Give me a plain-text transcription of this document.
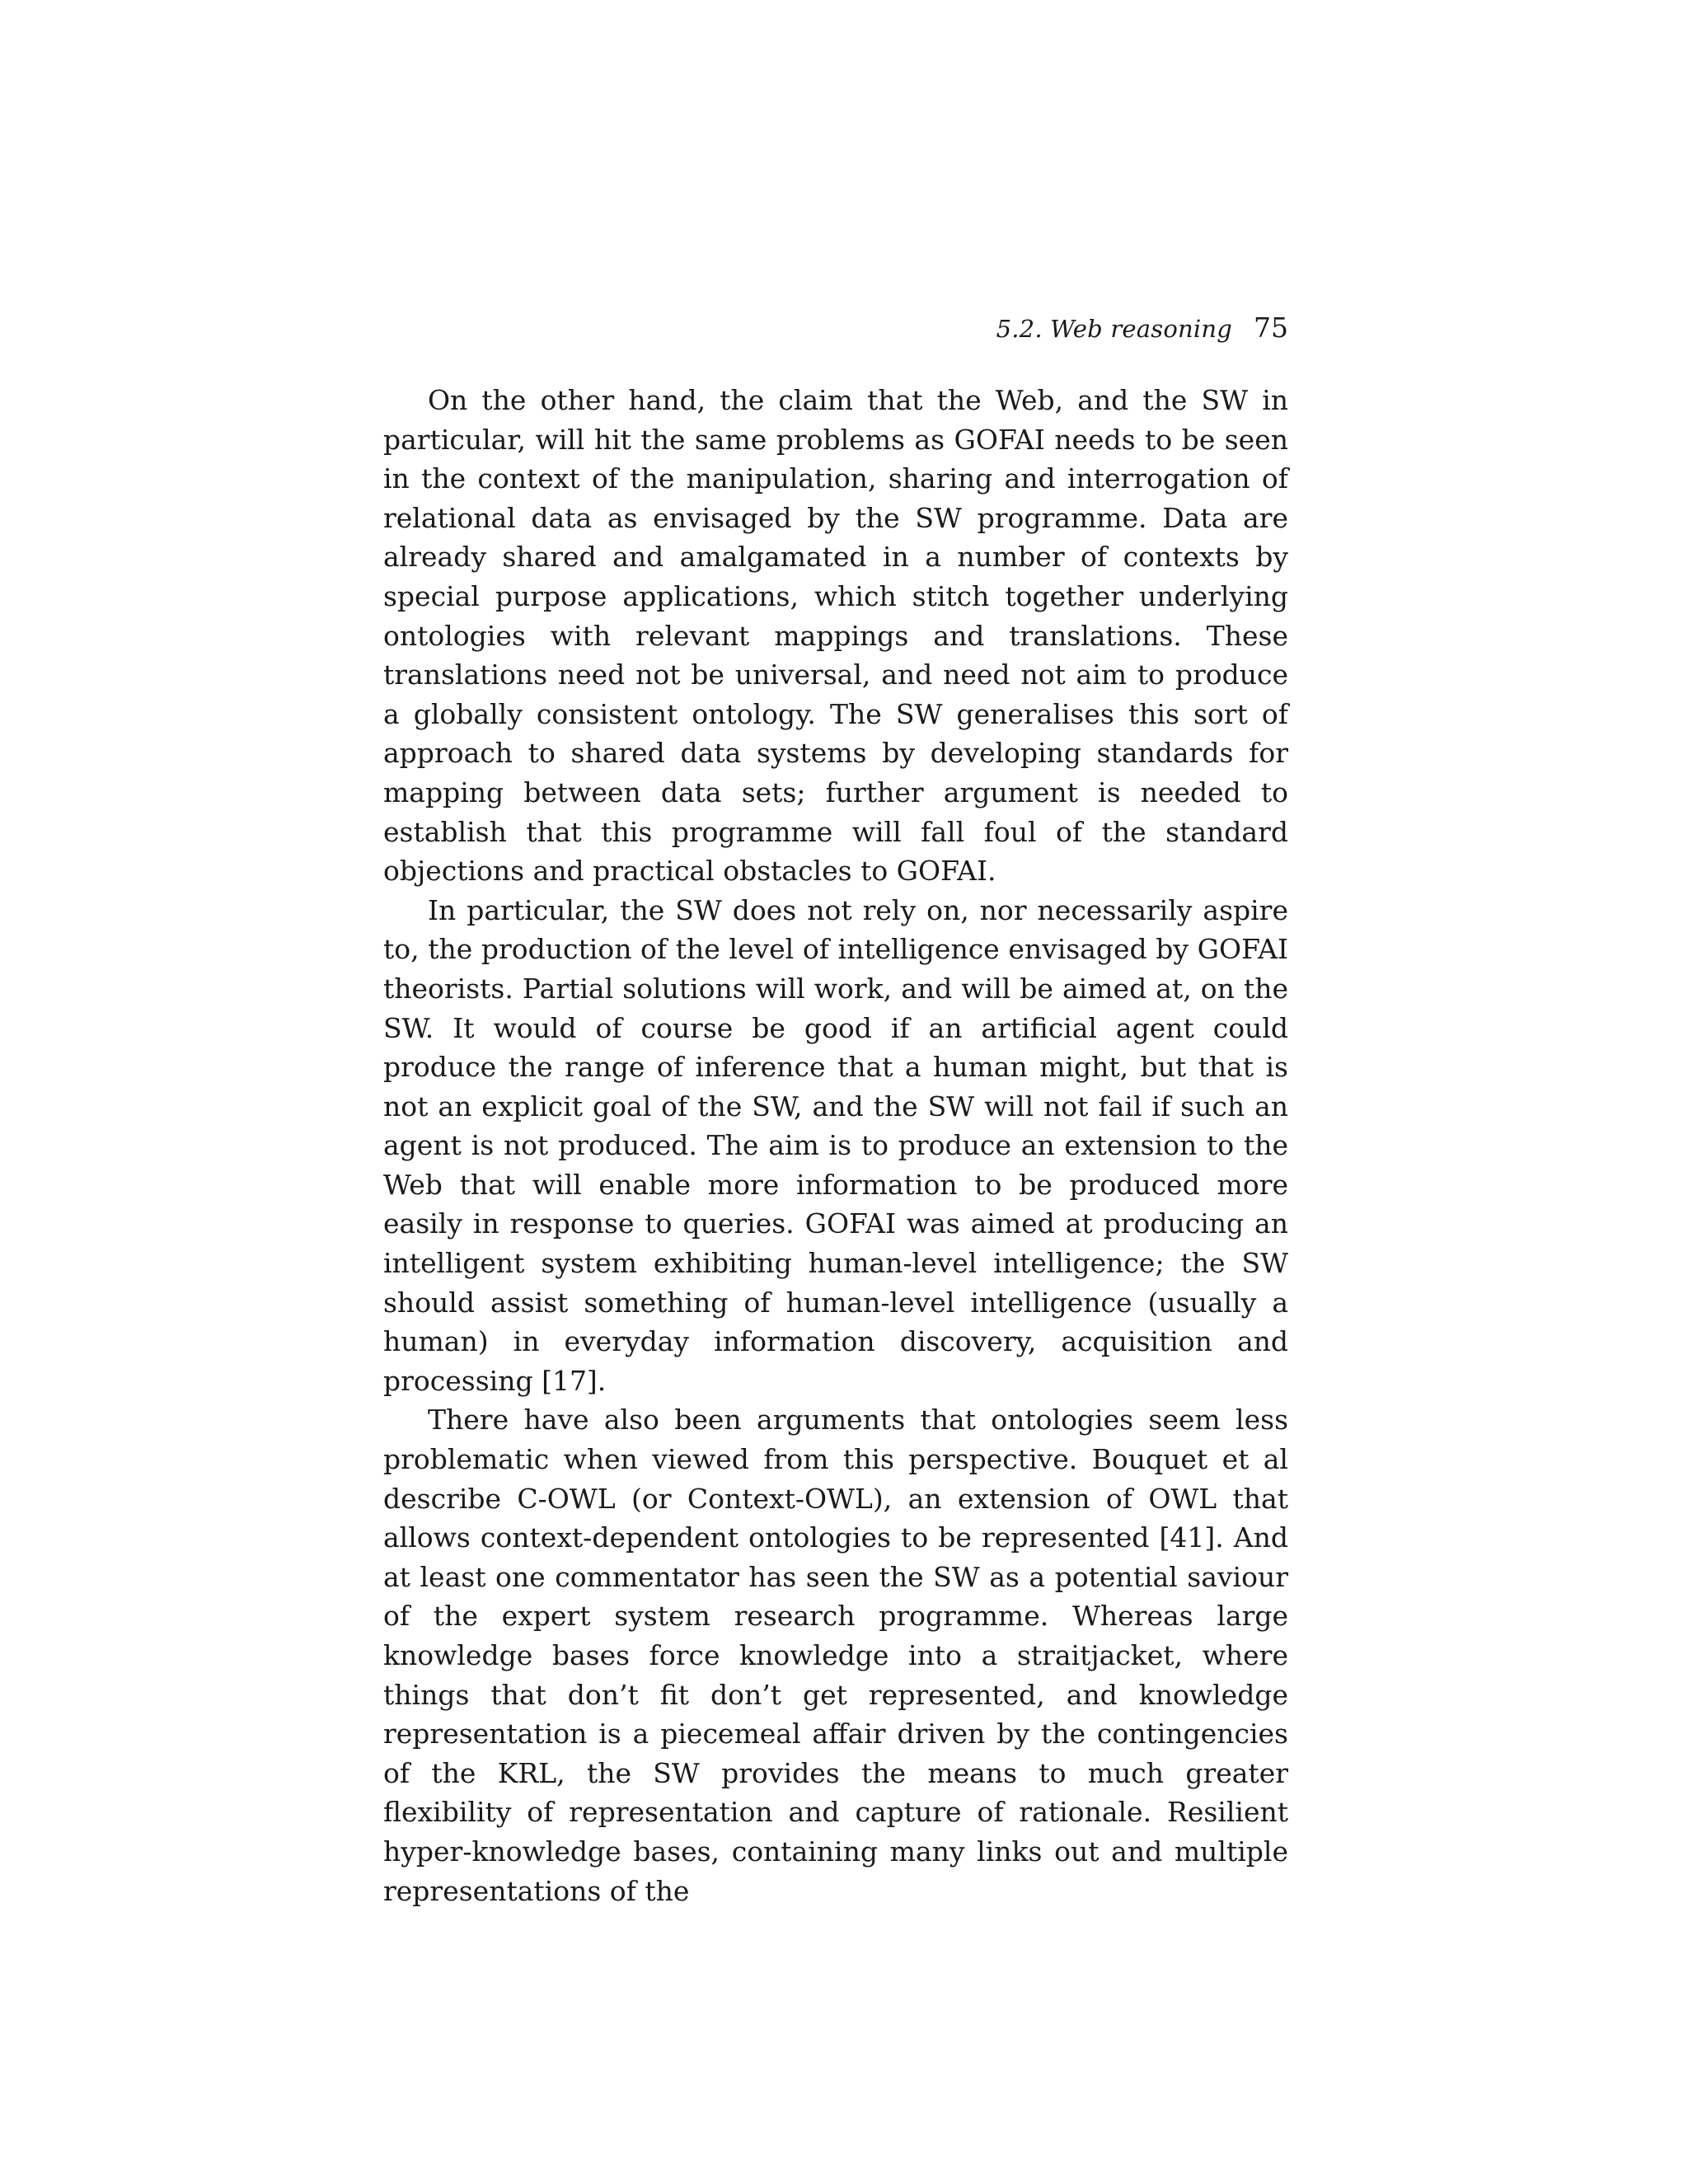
5.2. Web reasoning 75

On the other hand, the claim that the Web, and the SW in particular, will hit the same problems as GOFAI needs to be seen in the context of the manipulation, sharing and interrogation of relational data as envisaged by the SW programme. Data are already shared and amalgamated in a number of contexts by special purpose applications, which stitch together underlying ontologies with relevant mappings and translations. These translations need not be universal, and need not aim to produce a globally consistent ontology. The SW generalises this sort of approach to shared data systems by developing standards for mapping between data sets; further argument is needed to establish that this programme will fall foul of the standard objections and practical obstacles to GOFAI.

In particular, the SW does not rely on, nor necessarily aspire to, the production of the level of intelligence envisaged by GOFAI theorists. Partial solutions will work, and will be aimed at, on the SW. It would of course be good if an artificial agent could produce the range of inference that a human might, but that is not an explicit goal of the SW, and the SW will not fail if such an agent is not produced. The aim is to produce an extension to the Web that will enable more information to be produced more easily in response to queries. GOFAI was aimed at producing an intelligent system exhibiting human-level intelligence; the SW should assist something of human-level intelligence (usually a human) in everyday information discovery, acquisition and processing [17].

There have also been arguments that ontologies seem less problematic when viewed from this perspective. Bouquet et al describe C-OWL (or Context-OWL), an extension of OWL that allows context-dependent ontologies to be represented [41]. And at least one commentator has seen the SW as a potential saviour of the expert system research programme. Whereas large knowledge bases force knowledge into a straitjacket, where things that don’t fit don’t get represented, and knowledge representation is a piecemeal affair driven by the contingencies of the KRL, the SW provides the means to much greater flexibility of representation and capture of rationale. Resilient hyper-knowledge bases, containing many links out and multiple representations of the
